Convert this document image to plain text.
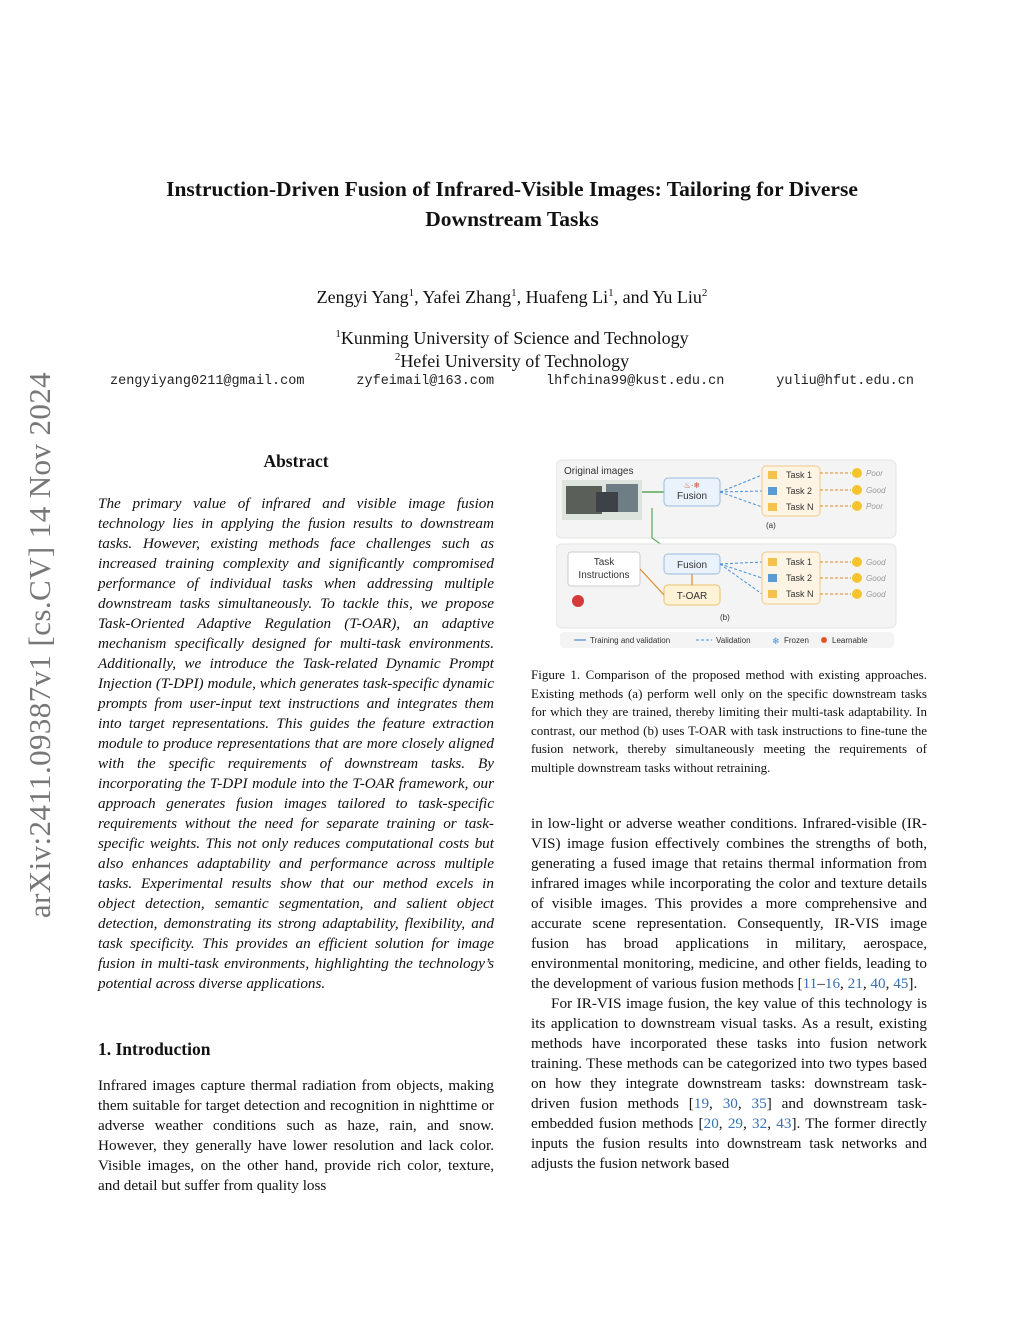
arXiv:2411.09387v1 [cs.CV] 14 Nov 2024
Instruction-Driven Fusion of Infrared-Visible Images: Tailoring for Diverse
Downstream Tasks
Zengyi Yang$^1$, Yafei Zhang$^1$, Huafeng Li$^1$, and Yu Liu$^2$
$^1$Kunming University of Science and Technology
$^2$Hefei University of Technology
zengyiyang0211@gmail.com	zyfeimail@163.com	lhfchina99@kust.edu.cn	yuliu@hfut.edu.cn
Abstract

The primary value of infrared and visible image fusion technology lies in applying the fusion results to downstream tasks. However, existing methods face challenges such as increased training complexity and significantly compromised performance of individual tasks when addressing multiple downstream tasks simultaneously. To tackle this, we propose Task-Oriented Adaptive Regulation (T-OAR), an adaptive mechanism specifically designed for multi-task environments. Additionally, we introduce the Task-related Dynamic Prompt Injection (T-DPI) module, which generates task-specific dynamic prompts from user-input text instructions and integrates them into target representations. This guides the feature extraction module to produce representations that are more closely aligned with the specific requirements of downstream tasks. By incorporating the T-DPI module into the T-OAR framework, our approach generates fusion images tailored to task-specific requirements without the need for separate training or task-specific weights. This not only reduces computational costs but also enhances adaptability and performance across multiple tasks. Experimental results show that our method excels in object detection, semantic segmentation, and salient object detection, demonstrating its strong adaptability, flexibility, and task specificity. This provides an efficient solution for image fusion in multi-task environments, highlighting the technology’s potential across diverse applications.

1. Introduction

Infrared images capture thermal radiation from objects, making them suitable for target detection and recognition in nighttime or adverse weather conditions such as haze, rain, and snow. However, they generally have lower resolution and lack color. Visible images, on the other hand, provide rich color, texture, and detail but suffer from quality loss

Original images
♨·❄
Fusion
Task 1
Task 2
Task N
Poor
Good
Poor
(a)
Task
Instructions
Fusion
T-OAR
Task 1
Task 2
Task N
Good
Good
Good
(b)
Training and validation	Validation ❄ Frozen	Learnable

Figure 1. Comparison of the proposed method with existing approaches. Existing methods (a) perform well only on the specific downstream tasks for which they are trained, thereby limiting their multi-task adaptability. In contrast, our method (b) uses T-OAR with task instructions to fine-tune the fusion network, thereby simultaneously meeting the requirements of multiple downstream tasks without retraining.

in low-light or adverse weather conditions. Infrared-visible (IR-VIS) image fusion effectively combines the strengths of both, generating a fused image that retains thermal information from infrared images while incorporating the color and texture details of visible images. This provides a more comprehensive and accurate scene representation. Consequently, IR-VIS image fusion has broad applications in military, aerospace, environmental monitoring, medicine, and other fields, leading to the development of various fusion methods [11–16, 21, 40, 45].

For IR-VIS image fusion, the key value of this technology is its application to downstream visual tasks. As a result, existing methods have incorporated these tasks into fusion network training. These methods can be categorized into two types based on how they integrate downstream tasks: downstream task-driven fusion methods [19, 30, 35] and downstream task-embedded fusion methods [20, 29, 32, 43]. The former directly inputs the fusion results into downstream task networks and adjusts the fusion network based
